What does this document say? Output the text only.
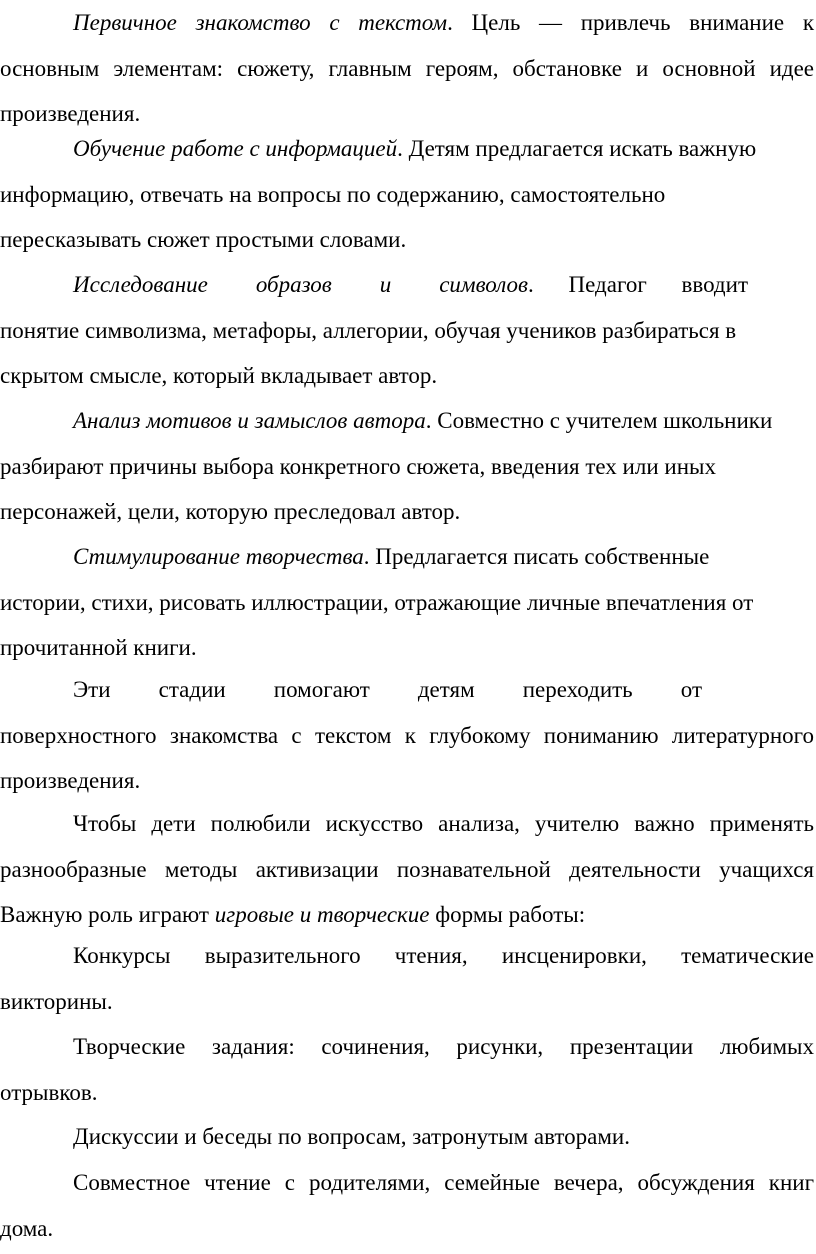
Первичное знакомство с текстом. Цель — привлечь внимание к
основным элементам: сюжету, главным героям, обстановке и основной идее
произведения.
Обучение работе с информацией. Детям предлагается искать важную
информацию, отвечать на вопросы по содержанию, самостоятельно
пересказывать сюжет простыми словами.
Исследование образов и символов . Педагог вводит
понятие символизма, метафоры, аллегории, обучая учеников разбираться в
скрытом смысле, который вкладывает автор.
Анализ мотивов и замыслов автора. Совместно с учителем школьники
разбирают причины выбора конкретного сюжета, введения тех или иных
персонажей, цели, которую преследовал автор.
Стимулирование творчества. Предлагается писать собственные
истории, стихи, рисовать иллюстрации, отражающие личные впечатления от
прочитанной книги.
Эти стадии помогают детям переходить от
поверхностного знакомства с текстом к глубокому пониманию литературного
произведения.
Чтобы дети полюбили искусство анализа, учителю важно применять
разнообразные методы активизации познавательной деятельности учащихся
Важную роль играют игровые и творческие формы работы:
Конкурсы выразительного чтения, инсценировки, тематические
викторины.
Творческие задания: сочинения, рисунки, презентации любимых
отрывков.
Дискуссии и беседы по вопросам, затронутым авторами.
Совместное чтение с родителями, семейные вечера, обсуждения книг
дома.
